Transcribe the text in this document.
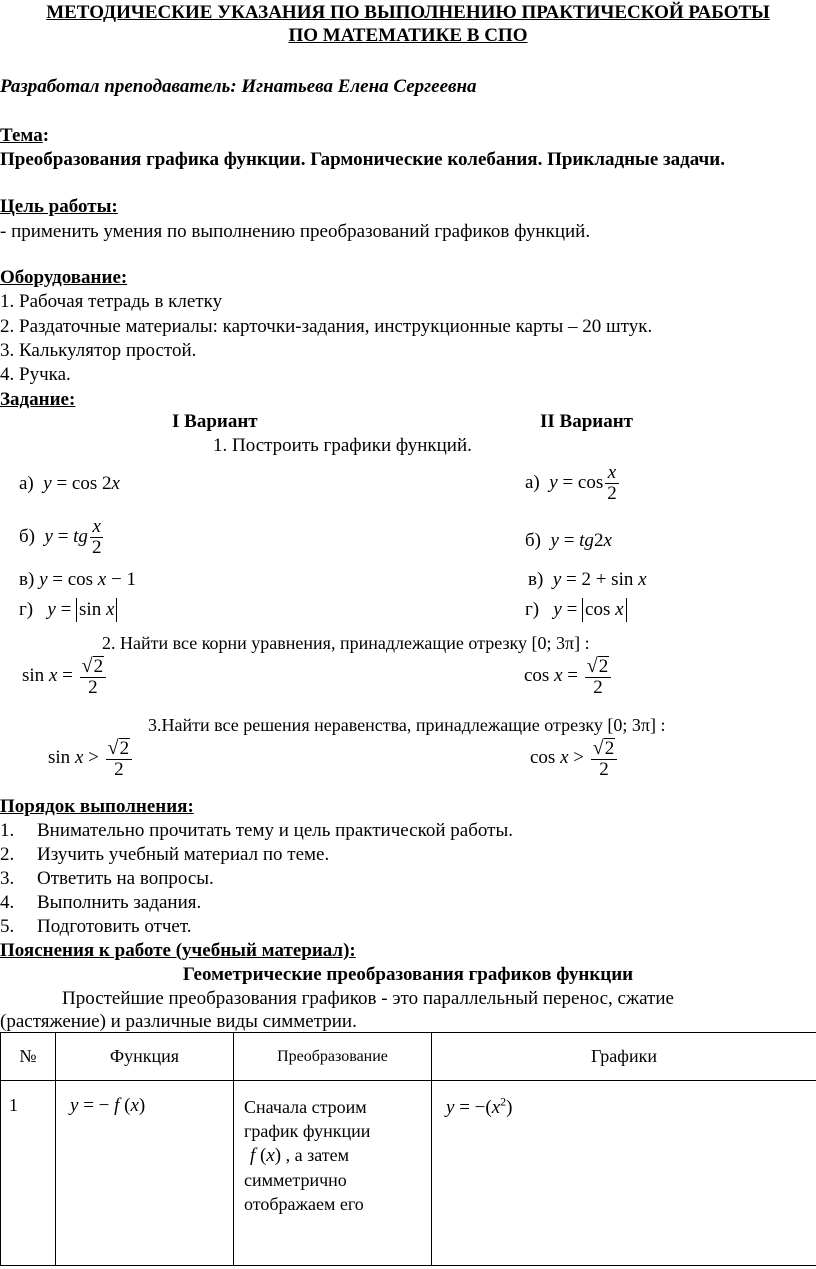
МЕТОДИЧЕСКИЕ УКАЗАНИЯ ПО ВЫПОЛНЕНИЮ ПРАКТИЧЕСКОЙ РАБОТЫ
ПО МАТЕМАТИКЕ В СПО
Разработал преподаватель: Игнатьева Елена Сергеевна
Тема:
Преобразования графика функции. Гармонические колебания. Прикладные задачи.
Цель работы:
- применить умения по выполнению преобразований графиков функций.
Оборудование:
1. Рабочая тетрадь в клетку
2. Раздаточные материалы: карточки-задания, инструкционные карты – 20 штук.
3. Калькулятор простой.
4. Ручка.
Задание:
I Вариант	II Вариант
1. Построить графики функций.
а) y = cos 2x	а) $y = \cos \frac{x}{2}$
б) y = tg $\frac{x}{2}$	б) y = tg2x
в) y = cos x − 1	в) y = 2 + sin x
г) y = sin x	г) y = cos x
2. Найти все корни уравнения, принадлежащие отрезку [0; 3π] :
$\sin x = \frac{√2}{2}$	$\cos x = \frac{√2}{2}$
3.Найти все решения неравенства, принадлежащие отрезку [0; 3π] :
$\sin x > \frac{√2}{2}$	$\cos x > \frac{√2}{2}$
Порядок выполнения:
1. Внимательно прочитать тему и цель практической работы.
2. Изучить учебный материал по теме.
3. Ответить на вопросы.
4. Выполнить задания.
5. Подготовить отчет.
Пояснения к работе (учебный материал):
Геометрические преобразования графиков функции
Простейшие преобразования графиков - это параллельный перенос, сжатие
(растяжение) и различные виды симметрии.
№	Функция	Преобразование	Графики
1	y = − f (x)	Сначала строим
график функции
f (x) , а затем
симметрично
отображаем его	$y = -(x^2)$
